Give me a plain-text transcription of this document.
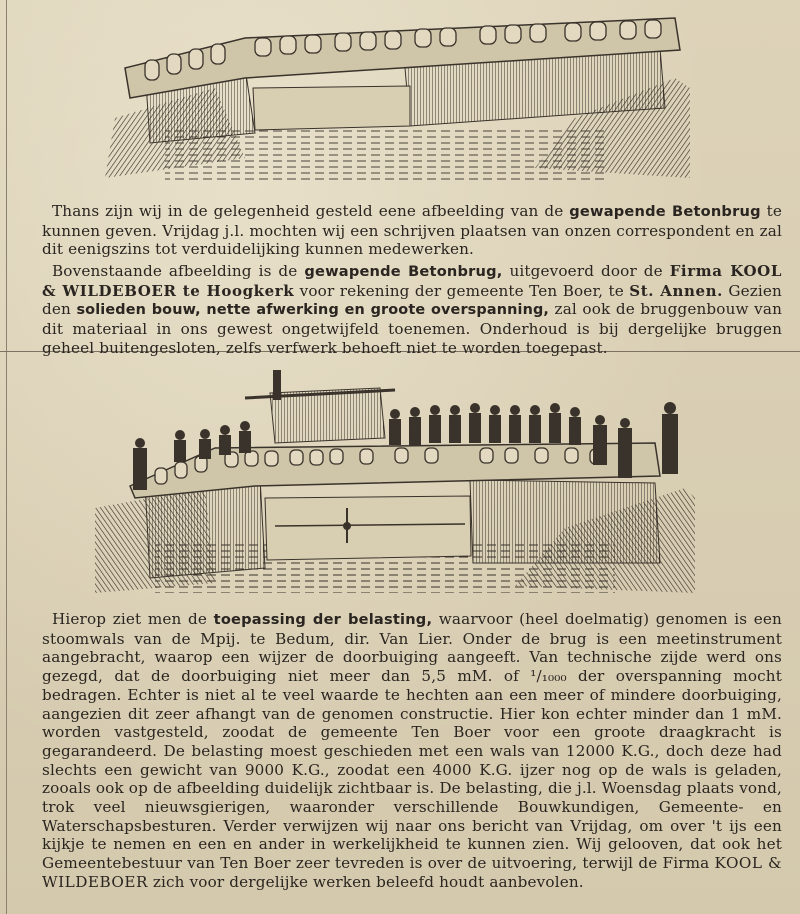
Thans zijn wij in de gelegenheid gesteld eene afbeelding van de gewapende Betonbrug te kunnen geven. Vrijdag j.l. mochten wij een schrijven plaatsen van onzen correspondent en zal dit eenigszins tot verduidelijking kunnen medewerken.
Bovenstaande afbeelding is de gewapende Betonbrug, uitgevoerd door de Firma KOOL & WILDEBOER te Hoogkerk voor rekening der gemeente Ten Boer, te St. Annen. Gezien den solieden bouw, nette afwerking en groote overspanning, zal ook de bruggenbouw van dit materiaal in ons gewest ongetwijfeld toenemen. Onderhoud is bij dergelijke bruggen geheel buitengesloten, zelfs verfwerk behoeft niet te worden toegepast.
Hierop ziet men de toepassing der belasting, waarvoor (heel doelmatig) genomen is een stoomwals van de Mpij. te Bedum, dir. Van Lier. Onder de brug is een meetinstrument aangebracht, waarop een wijzer de doorbuiging aangeeft. Van technische zijde werd ons gezegd, dat de doorbuiging niet meer dan 5,5 mM. of ¹/₁₀₀₀ der overspanning mocht bedragen. Echter is niet al te veel waarde te hechten aan een meer of mindere doorbuiging, aangezien dit zeer afhangt van de genomen constructie. Hier kon echter minder dan 1 mM. worden vastgesteld, zoodat de gemeente Ten Boer voor een groote draagkracht is gegarandeerd. De belasting moest geschieden met een wals van 12000 K.G., doch deze had slechts een gewicht van 9000 K.G., zoodat een 4000 K.G. ijzer nog op de wals is geladen, zooals ook op de afbeelding duidelijk zichtbaar is. De belasting, die j.l. Woensdag plaats vond, trok veel nieuwsgierigen, waaronder verschillende Bouwkundigen, Gemeente- en Waterschapsbesturen. Verder verwijzen wij naar ons bericht van Vrijdag, om over 't ijs een kijkje te nemen en een en ander in werkelijkheid te kunnen zien. Wij gelooven, dat ook het Gemeentebestuur van Ten Boer zeer tevreden is over de uitvoering, terwijl de Firma KOOL & WILDEBOER zich voor dergelijke werken beleefd houdt aanbevolen.
